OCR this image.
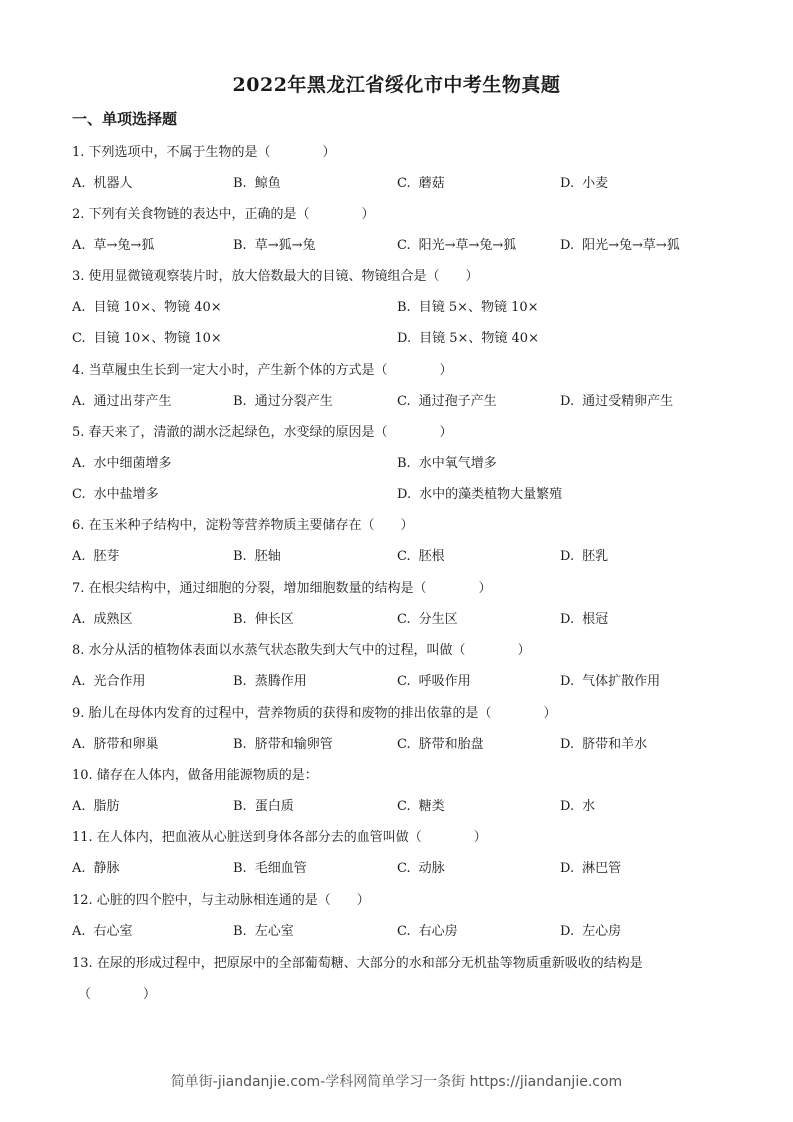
2022年黑龙江省绥化市中考生物真题
一、单项选择题
1. 下列选项中，不属于生物的是（　　　　）
A. 机器人	B. 鲸鱼	C. 蘑菇	D. 小麦
2. 下列有关食物链的表达中，正确的是（　　　　）
A. 草→兔→狐	B. 草→狐→兔	C. 阳光→草→兔→狐	D. 阳光→兔→草→狐
3. 使用显微镜观察装片时，放大倍数最大的目镜、物镜组合是（　　）
A. 目镜 10×、物镜 40×	B. 目镜 5×、物镜 10×
C. 目镜 10×、物镜 10×	D. 目镜 5×、物镜 40×
4. 当草履虫生长到一定大小时，产生新个体的方式是（　　　　）
A. 通过出芽产生	B. 通过分裂产生	C. 通过孢子产生	D. 通过受精卵产生
5. 春天来了，清澈的湖水泛起绿色，水变绿的原因是（　　　　）
A. 水中细菌增多	B. 水中氧气增多
C. 水中盐增多	D. 水中的藻类植物大量繁殖
6. 在玉米种子结构中，淀粉等营养物质主要储存在（　　）
A. 胚芽	B. 胚轴	C. 胚根	D. 胚乳
7. 在根尖结构中，通过细胞的分裂，增加细胞数量的结构是（　　　　）
A. 成熟区	B. 伸长区	C. 分生区	D. 根冠
8. 水分从活的植物体表面以水蒸气状态散失到大气中的过程，叫做（　　　　）
A. 光合作用	B. 蒸腾作用	C. 呼吸作用	D. 气体扩散作用
9. 胎儿在母体内发育的过程中，营养物质的获得和废物的排出依靠的是（　　　　）
A. 脐带和卵巢	B. 脐带和输卵管	C. 脐带和胎盘	D. 脐带和羊水
10. 储存在人体内，做备用能源物质的是：
A. 脂肪	B. 蛋白质	C. 糖类	D. 水
11. 在人体内，把血液从心脏送到身体各部分去的血管叫做（　　　　）
A. 静脉	B. 毛细血管	C. 动脉	D. 淋巴管
12. 心脏的四个腔中，与主动脉相连通的是（　　）
A. 右心室	B. 左心室	C. 右心房	D. 左心房
13. 在尿的形成过程中，把原尿中的全部葡萄糖、大部分的水和部分无机盐等物质重新吸收的结构是
（　　　　）
简单街-jiandanjie.com-学科网简单学习一条街 https://jiandanjie.com
